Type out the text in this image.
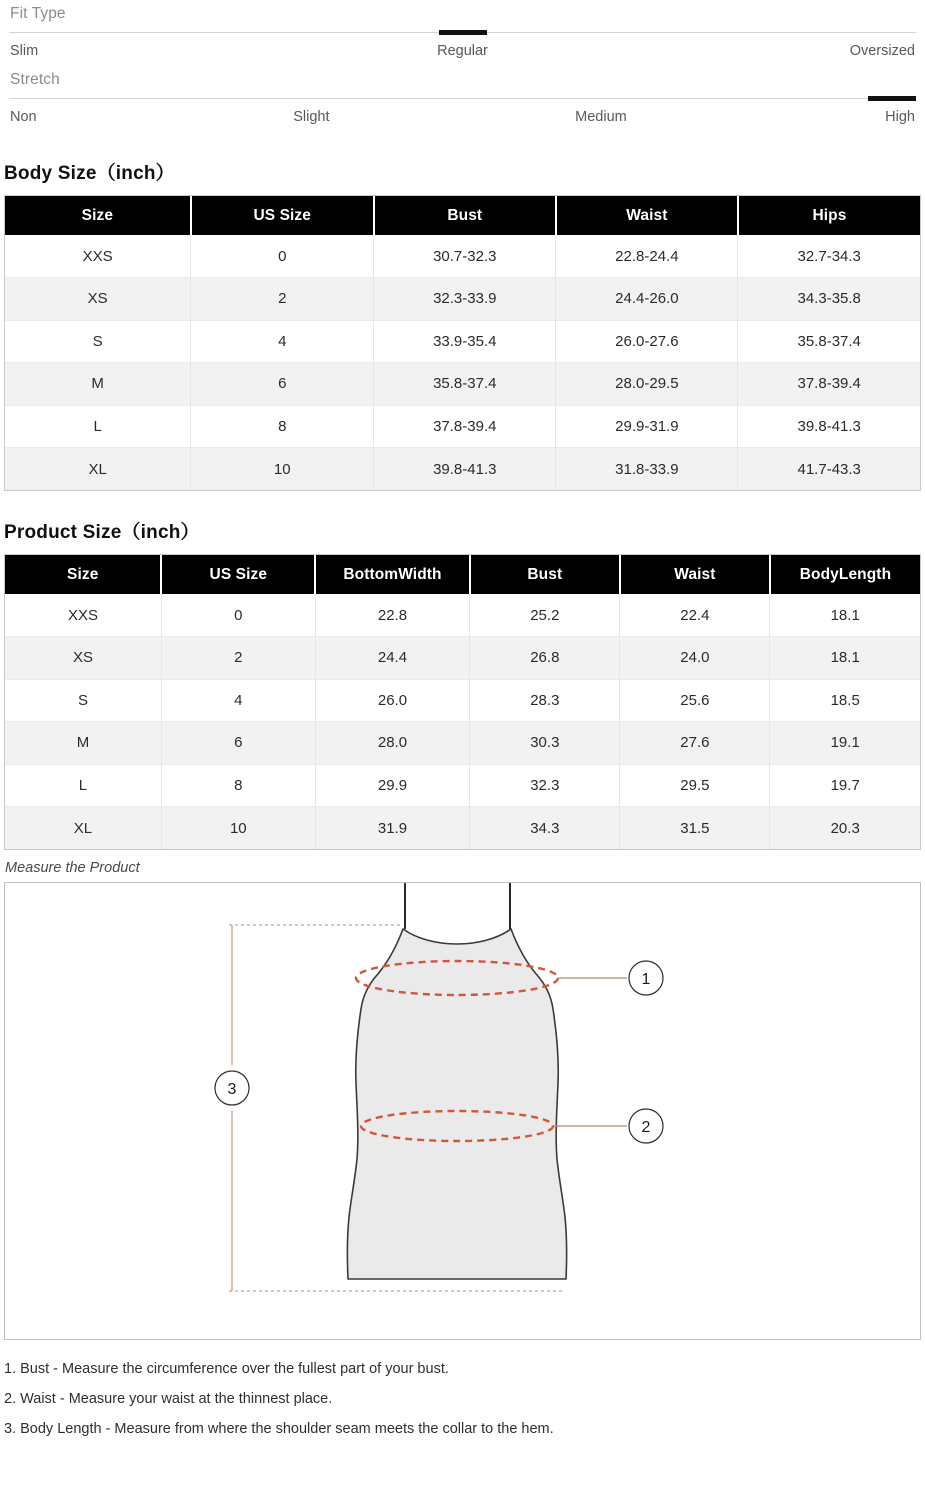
Fit Type
Slim	Regular	Oversized
Stretch
Non	Slight	Medium	High
Body Size（inch）
Size	US Size	Bust	Waist	Hips
XXS	0	30.7-32.3	22.8-24.4	32.7-34.3
XS	2	32.3-33.9	24.4-26.0	34.3-35.8
S	4	33.9-35.4	26.0-27.6	35.8-37.4
M	6	35.8-37.4	28.0-29.5	37.8-39.4
L	8	37.8-39.4	29.9-31.9	39.8-41.3
XL	10	39.8-41.3	31.8-33.9	41.7-43.3
Product Size（inch）
Size	US Size	BottomWidth	Bust	Waist	BodyLength
XXS	0	22.8	25.2	22.4	18.1
XS	2	24.4	26.8	24.0	18.1
S	4	26.0	28.3	25.6	18.5
M	6	28.0	30.3	27.6	19.1
L	8	29.9	32.3	29.5	19.7
XL	10	31.9	34.3	31.5	20.3
Measure the Product
1
2
3
1. Bust - Measure the circumference over the fullest part of your bust.
2. Waist - Measure your waist at the thinnest place.
3. Body Length - Measure from where the shoulder seam meets the collar to the hem.
